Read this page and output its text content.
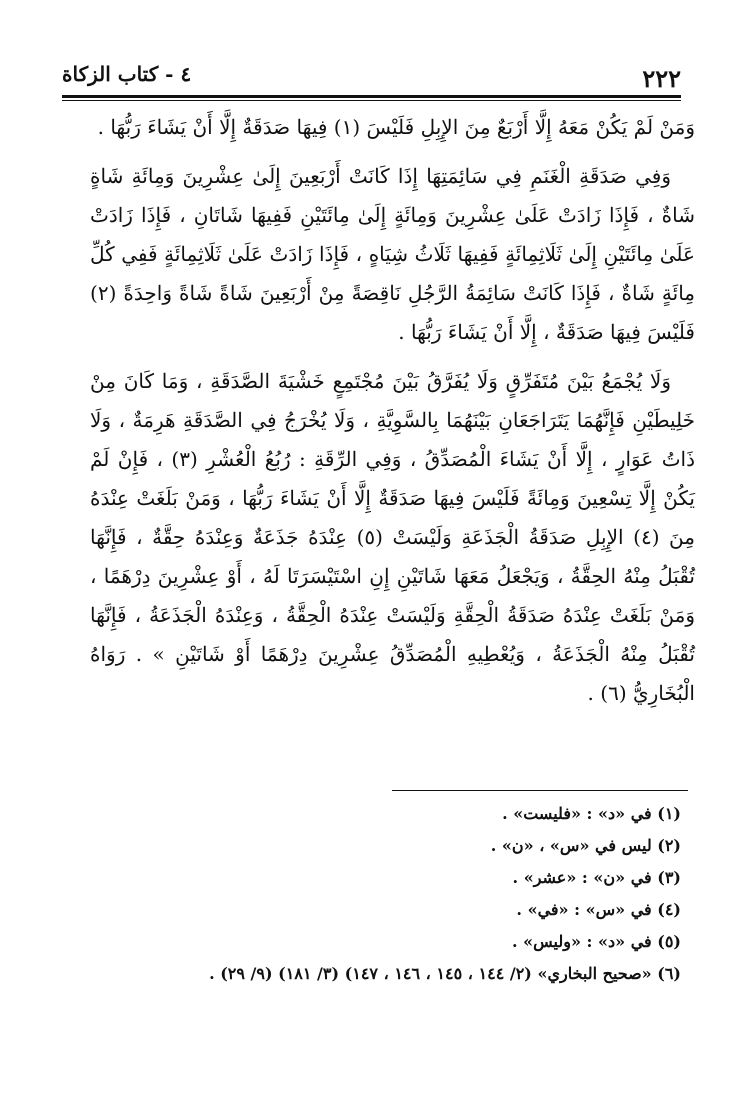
٢٢٢
٤ - كتاب الزكاة

وَمَنْ لَمْ يَكُنْ مَعَهُ إِلَّا أَرْبَعٌ مِنَ الإِبِلِ فَلَيْسَ (١) فِيهَا صَدَقَةٌ إِلَّا أَنْ يَشَاءَ رَبُّهَا .

وَفِي صَدَقَةِ الْغَنَمِ فِي سَائِمَتِهَا إِذَا كَانَتْ أَرْبَعِينَ إِلَىٰ عِشْرِينَ وَمِائَةِ شَاةٍ شَاةٌ ، فَإِذَا زَادَتْ عَلَىٰ عِشْرِينَ وَمِائَةٍ إِلَىٰ مِائَتَيْنِ فَفِيهَا شَاتَانِ ، فَإِذَا زَادَتْ عَلَىٰ مِائَتَيْنِ إِلَىٰ ثَلَاثِمِائَةٍ فَفِيهَا ثَلَاثُ شِيَاهٍ ، فَإِذَا زَادَتْ عَلَىٰ ثَلَاثِمِائَةٍ فَفِي كُلِّ مِائَةٍ شَاةٌ ، فَإِذَا كَانَتْ سَائِمَةُ الرَّجُلِ نَاقِصَةً مِنْ أَرْبَعِينَ شَاةً شَاةً وَاحِدَةً (٢) فَلَيْسَ فِيهَا صَدَقَةٌ ، إِلَّا أَنْ يَشَاءَ رَبُّهَا .

وَلَا يُجْمَعُ بَيْنَ مُتَفَرِّقٍ وَلَا يُفَرَّقُ بَيْنَ مُجْتَمِعٍ خَشْيَةَ الصَّدَقَةِ ، وَمَا كَانَ مِنْ خَلِيطَيْنِ فَإِنَّهُمَا يَتَرَاجَعَانِ بَيْنَهُمَا بِالسَّوِيَّةِ ، وَلَا يُخْرَجُ فِي الصَّدَقَةِ هَرِمَةٌ ، وَلَا ذَاتُ عَوَارٍ ، إِلَّا أَنْ يَشَاءَ الْمُصَدِّقُ ، وَفِي الرِّقَةِ : رُبُعُ الْعُشْرِ (٣) ، فَإِنْ لَمْ يَكُنْ إِلَّا تِسْعِينَ وَمِائَةً فَلَيْسَ فِيهَا صَدَقَةٌ إِلَّا أَنْ يَشَاءَ رَبُّهَا ، وَمَنْ بَلَغَتْ عِنْدَهُ مِنَ (٤) الإِبِلِ صَدَقَةُ الْجَذَعَةِ وَلَيْسَتْ (٥) عِنْدَهُ جَذَعَةٌ وَعِنْدَهُ حِقَّةٌ ، فَإِنَّهَا تُقْبَلُ مِنْهُ الحِقَّةُ ، وَيَجْعَلُ مَعَهَا شَاتَيْنِ إِنِ اسْتَيْسَرَتَا لَهُ ، أَوْ عِشْرِينَ دِرْهَمًا ، وَمَنْ بَلَغَتْ عِنْدَهُ صَدَقَةُ الْحِقَّةِ وَلَيْسَتْ عِنْدَهُ الْحِقَّةُ ، وَعِنْدَهُ الْجَذَعَةُ ، فَإِنَّهَا تُقْبَلُ مِنْهُ الْجَذَعَةُ ، وَيُعْطِيهِ الْمُصَدِّقُ عِشْرِينَ دِرْهَمًا أَوْ شَاتَيْنِ » . رَوَاهُ الْبُخَارِيُّ (٦) .

(١) في «د» : «فليست» .
(٢) ليس في «س» ، «ن» .
(٣) في «ن» : «عشر» .
(٤) في «س» : «في» .
(٥) في «د» : «وليس» .
(٦) «صحيح البخاري» (٢/ ١٤٤ ، ١٤٥ ، ١٤٦ ، ١٤٧) (٣/ ١٨١) (٩/ ٢٩) .
